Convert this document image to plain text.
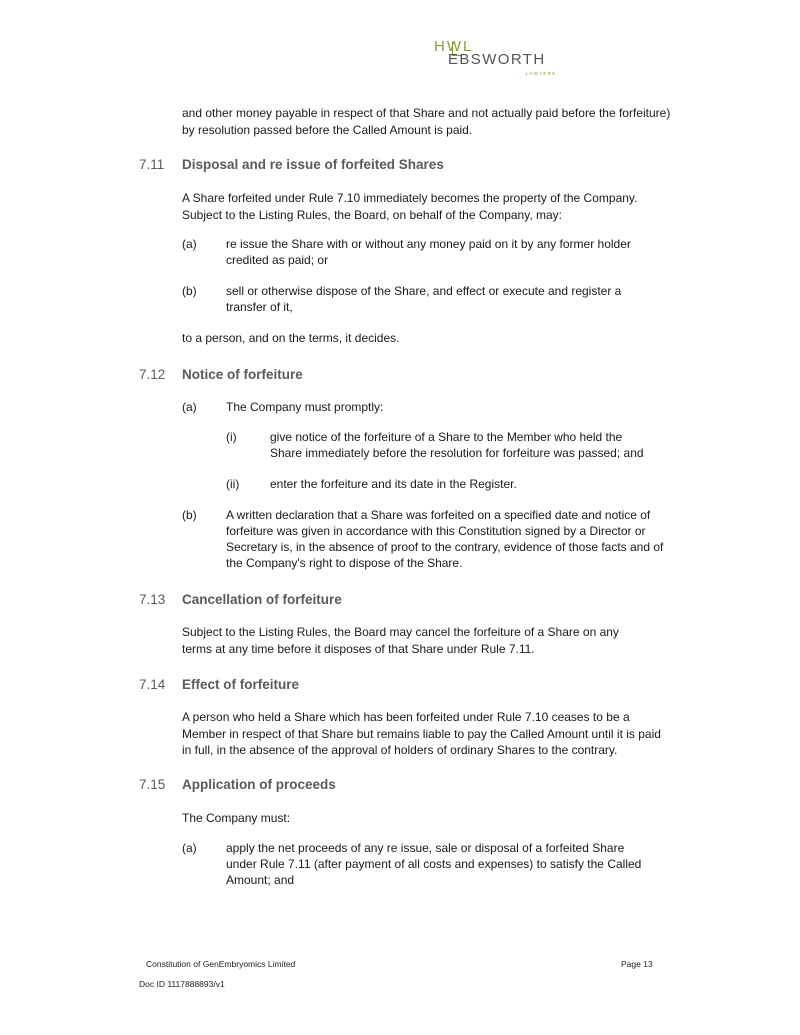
HWL
EBSWORTH
LAWYERS

and other money payable in respect of that Share and not actually paid before the forfeiture) by resolution passed before the Called Amount is paid.

7.11	Disposal and re issue of forfeited Shares

A Share forfeited under Rule 7.10 immediately becomes the property of the Company. Subject to the Listing Rules, the Board, on behalf of the Company, may:

(a) re issue the Share with or without any money paid on it by any former holder credited as paid; or
(b) sell or otherwise dispose of the Share, and effect or execute and register a transfer of it,

to a person, and on the terms, it decides.

7.12	Notice of forfeiture
(a) The Company must promptly:
(i)	give notice of the forfeiture of a Share to the Member who held the Share immediately before the resolution for forfeiture was passed; and
(ii)	enter the forfeiture and its date in the Register.
(b) A written declaration that a Share was forfeited on a specified date and notice of forfeiture was given in accordance with this Constitution signed by a Director or Secretary is, in the absence of proof to the contrary, evidence of those facts and of the Company's right to dispose of the Share.
7.13	Cancellation of forfeiture

Subject to the Listing Rules, the Board may cancel the forfeiture of a Share on any terms at any time before it disposes of that Share under Rule 7.11.

7.14	Effect of forfeiture

A person who held a Share which has been forfeited under Rule 7.10 ceases to be a Member in respect of that Share but remains liable to pay the Called Amount until it is paid in full, in the absence of the approval of holders of ordinary Shares to the contrary.

7.15	Application of proceeds

The Company must:

(a) apply the net proceeds of any re issue, sale or disposal of a forfeited Share under Rule 7.11 (after payment of all costs and expenses) to satisfy the Called Amount; and
Constitution of GenEmbryomics Limited	Page 13
Doc ID 1117888893/v1
